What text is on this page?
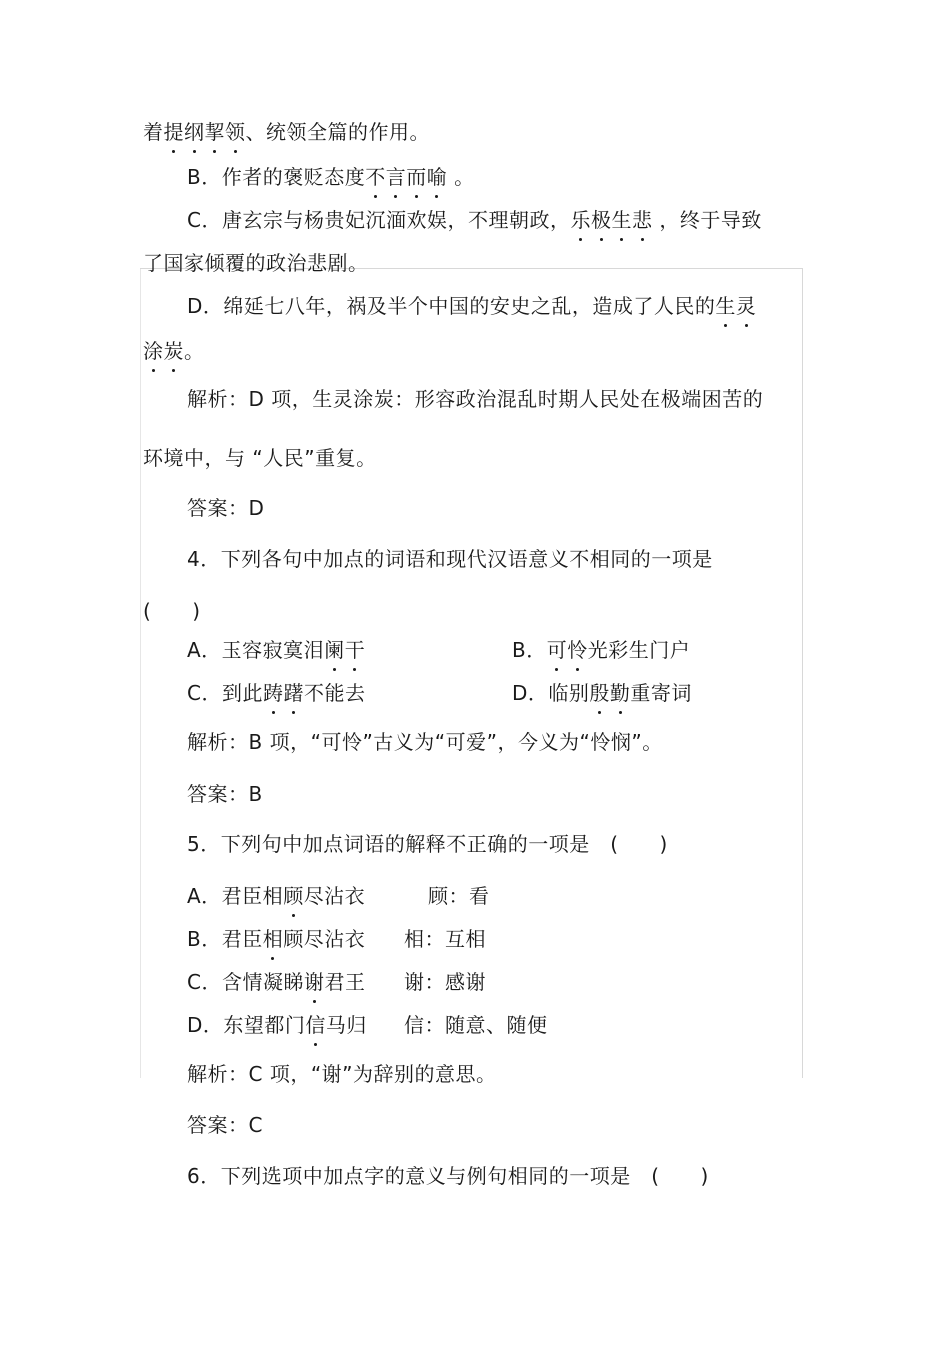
着提纲挈领、统领全篇的作用。
B．作者的褒贬态度不言而喻 。
C．唐玄宗与杨贵妃沉湎欢娱，不理朝政，乐极生悲 ，终于导致
了国家倾覆的政治悲剧。
D．绵延七八年，祸及半个中国的安史之乱，造成了人民的生灵
涂炭。
解析：D 项，生灵涂炭：形容政治混乱时期人民处在极端困苦的
环境中，与 “人民”重复。
答案：D
4．下列各句中加点的词语和现代汉语意义不相同的一项是
(　　)
A．玉容寂寞泪阑干	B．可怜光彩生门户
C．到此踌躇不能去	D．临别殷勤重寄词
解析：B 项，“可怜”古义为“可爱”，今义为“怜悯”。
答案：B
5．下列句中加点词语的解释不正确的一项是　(　　)
A．君臣相顾尽沾衣	顾：看
B．君臣相顾尽沾衣 相：互相
C．含情凝睇谢君王 谢：感谢
D．东望都门信马归 信：随意、随便
解析：C 项，“谢”为辞别的意思。
答案：C
6．下列选项中加点字的意义与例句相同的一项是　(　　)
